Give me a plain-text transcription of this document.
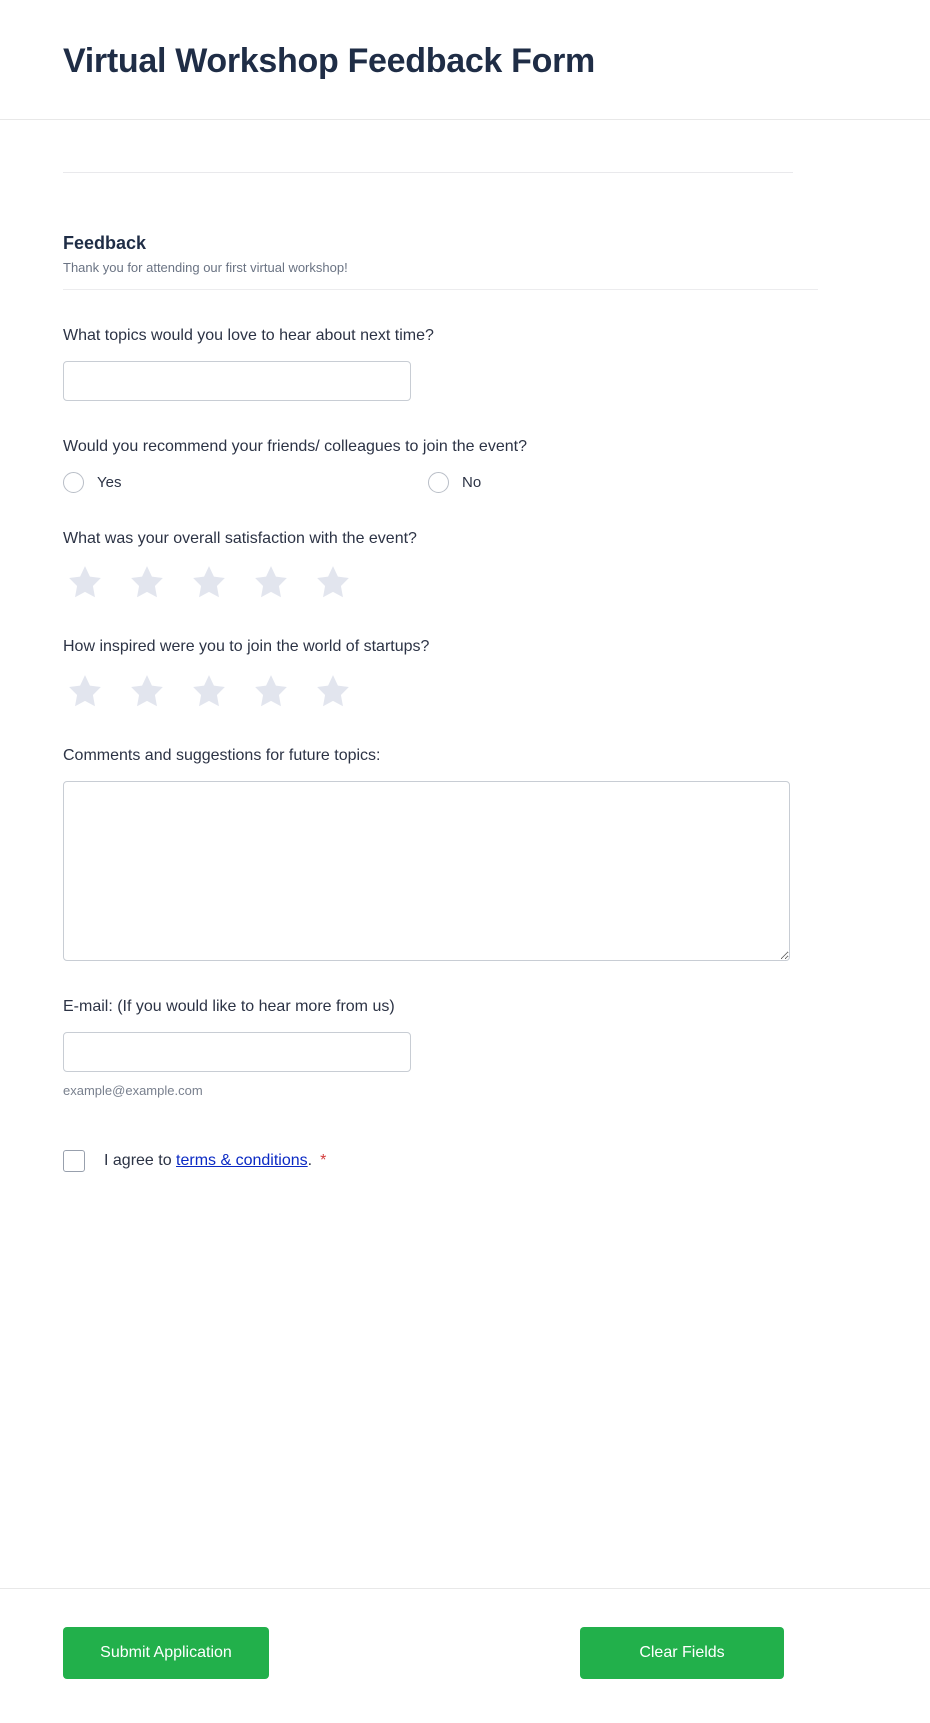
Virtual Workshop Feedback Form
Feedback
Thank you for attending our first virtual workshop!
What topics would you love to hear about next time?
Would you recommend your friends/ colleagues to join the event?
Yes	No
What was your overall satisfaction with the event?
How inspired were you to join the world of startups?
Comments and suggestions for future topics:
E-mail: (If you would like to hear more from us)
example@example.com
I agree to terms & conditions. *
Submit Application	Clear Fields
